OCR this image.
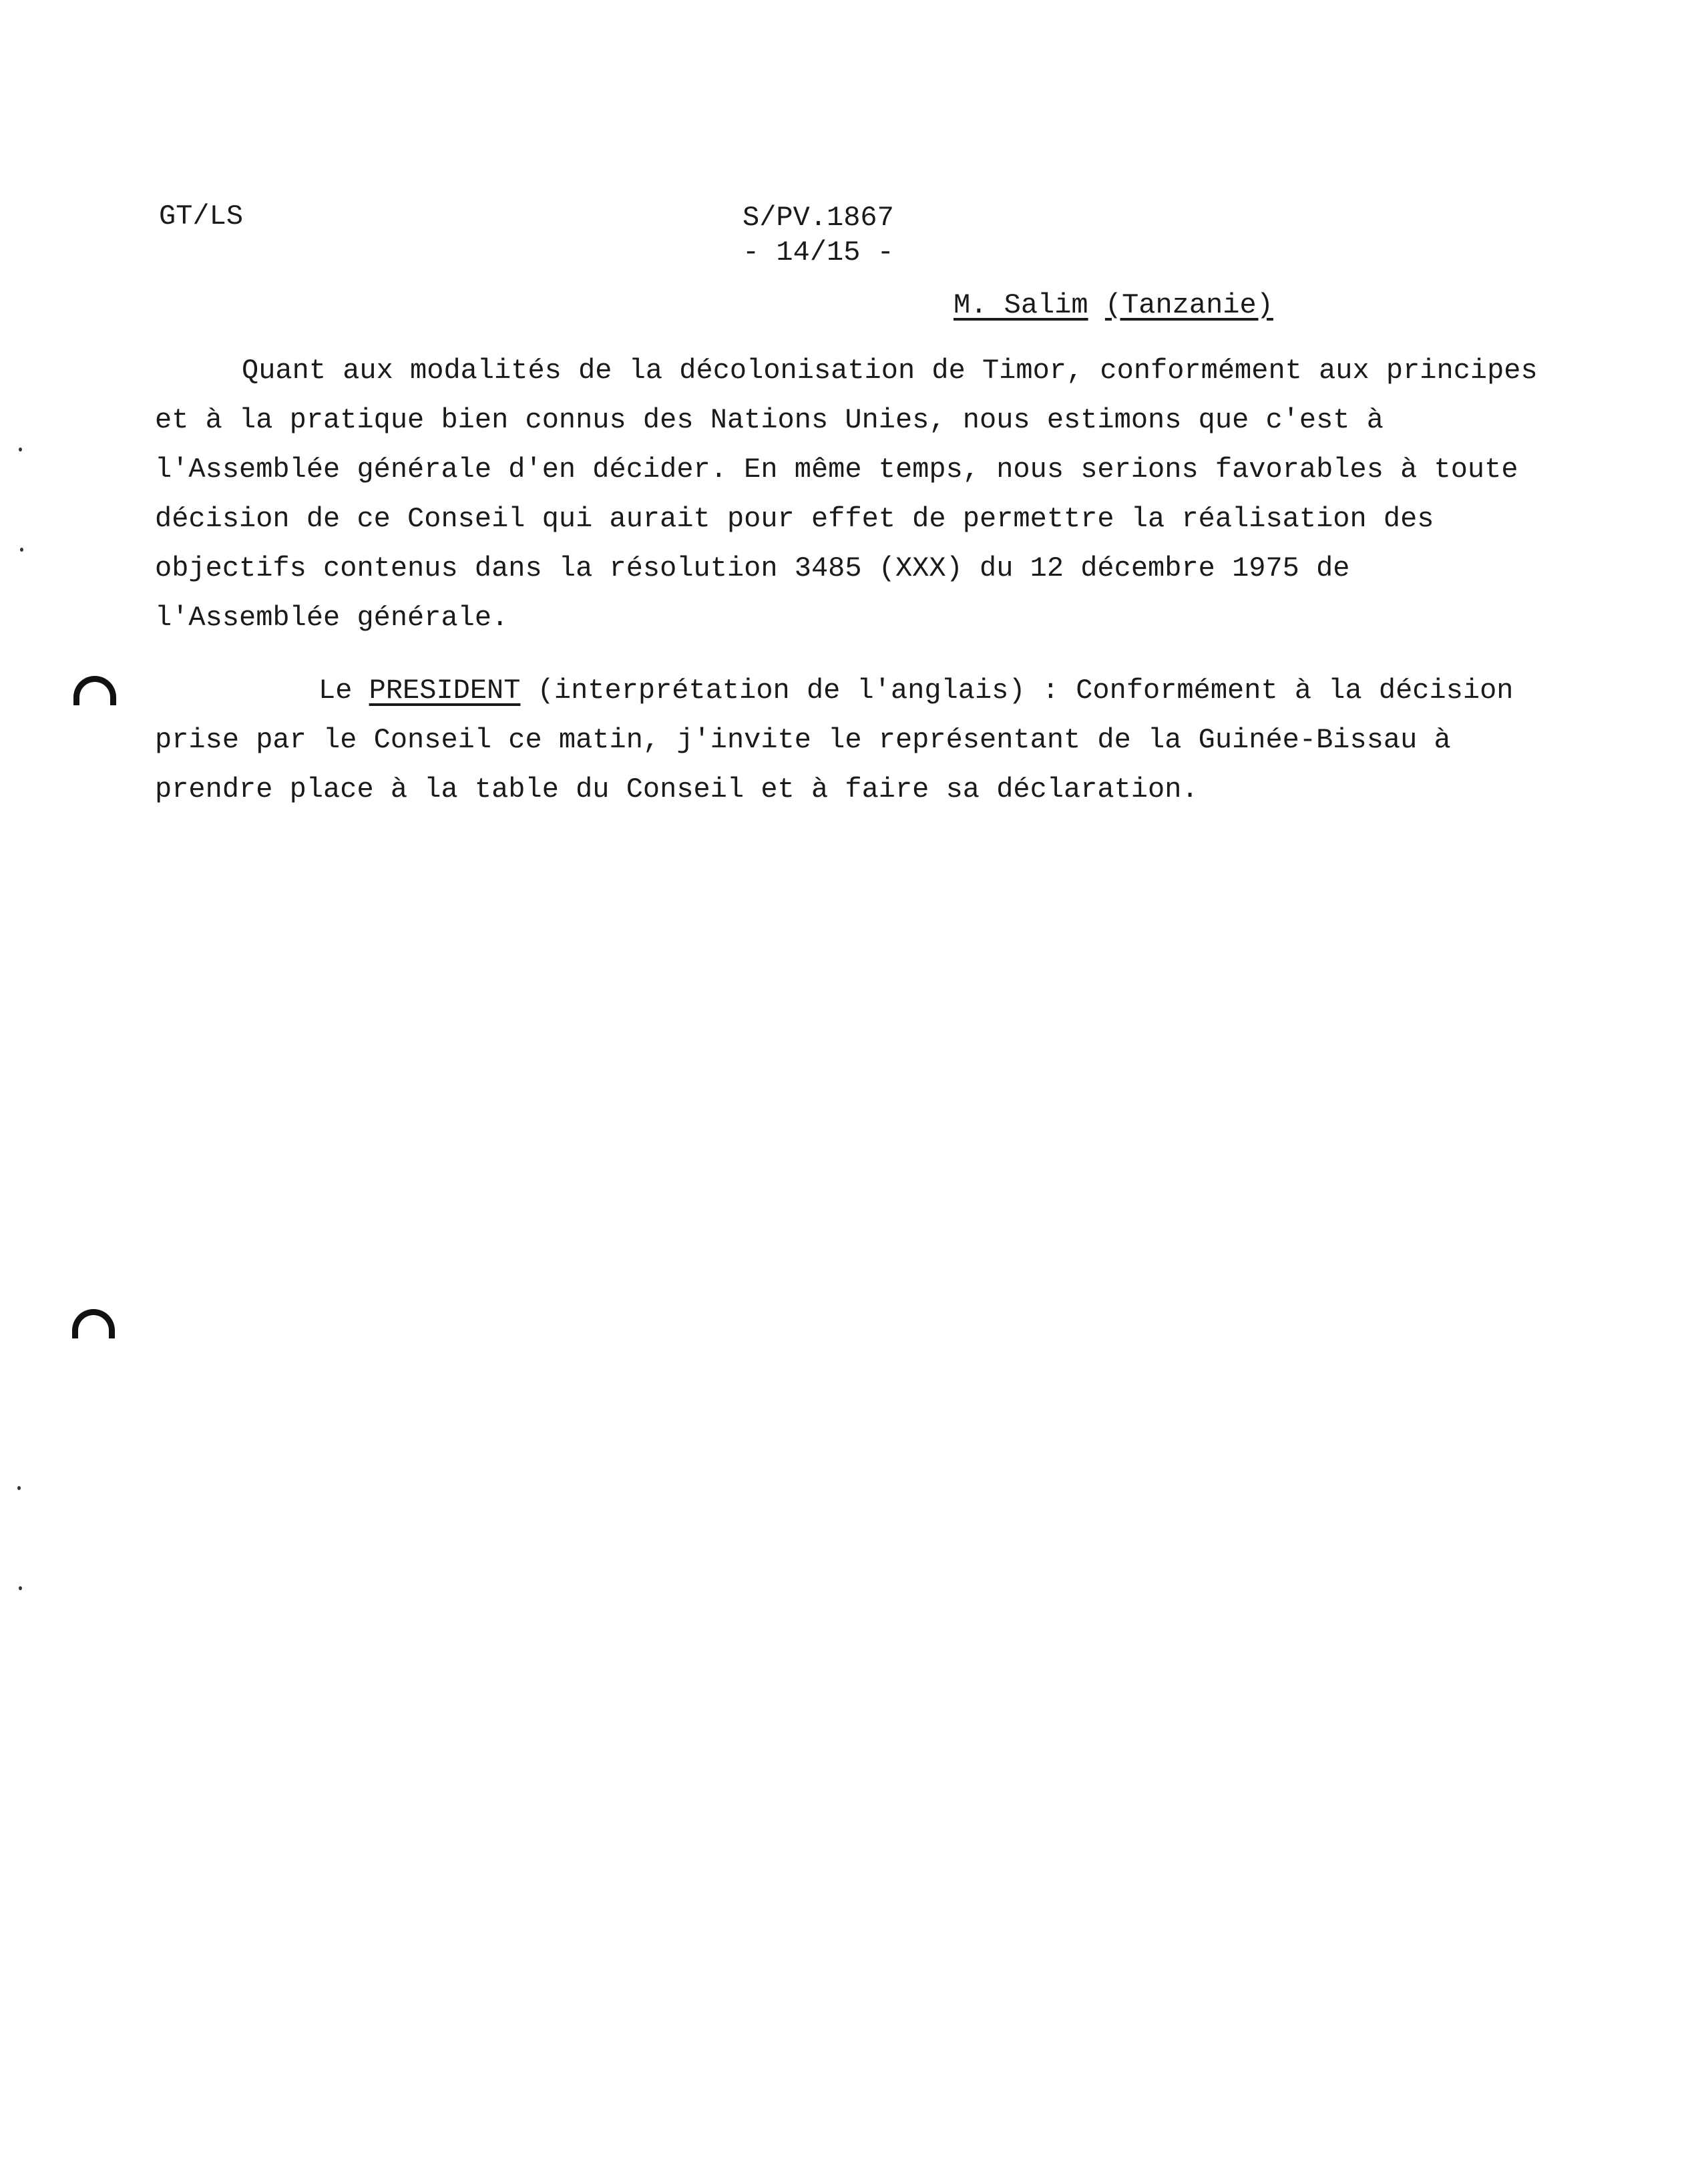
GT/LS	S/PV.1867
- 14/15 -
M. Salim (Tanzanie)
Quant aux modalités de la décolonisation de Timor, conformément aux principes
et à la pratique bien connus des Nations Unies, nous estimons que c'est à
l'Assemblée générale d'en décider. En même temps, nous serions favorables à toute
décision de ce Conseil qui aurait pour effet de permettre la réalisation des
objectifs contenus dans la résolution 3485 (XXX) du 12 décembre 1975 de
l'Assemblée générale.
Le PRESIDENT (interprétation de l'anglais) : Conformément à la décision
prise par le Conseil ce matin, j'invite le représentant de la Guinée-Bissau à
prendre place à la table du Conseil et à faire sa déclaration.
